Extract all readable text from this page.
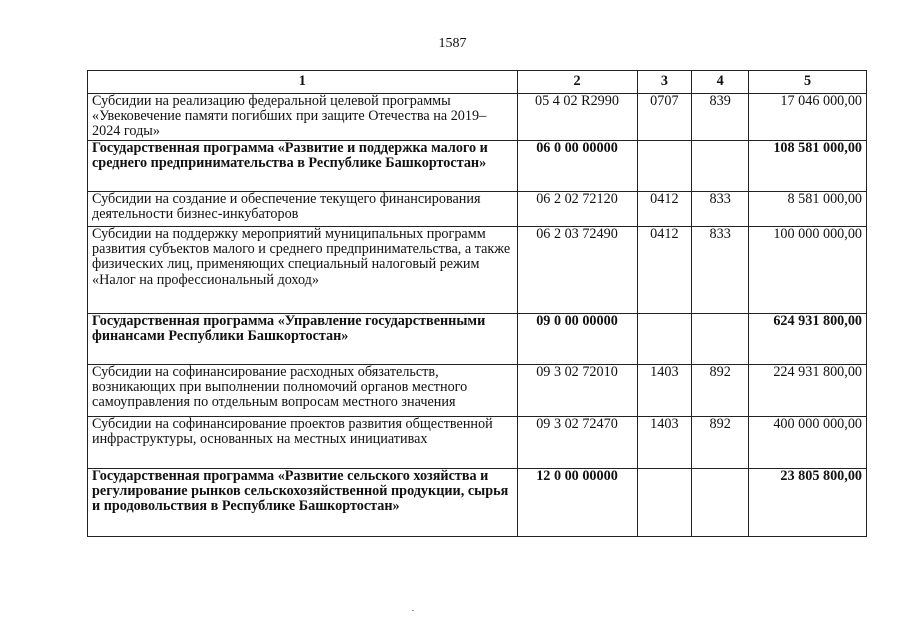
1587
1	2	3	4	5
Субсидии на реализацию федеральной целевой программы «Увековечение памяти погибших при защите Отечества на 2019–2024 годы»	05 4 02 R2990	0707	839	17 046 000,00
Государственная программа «Развитие и поддержка малого и среднего предпринимательства в Республике Башкортостан»	06 0 00 00000			108 581 000,00
Субсидии на создание и обеспечение текущего финансирования деятельности бизнес-инкубаторов	06 2 02 72120	0412	833	8 581 000,00
Субсидии на поддержку мероприятий муниципальных программ развития субъектов малого и среднего предпринимательства, а также физических лиц, применяющих специальный налоговый режим «Налог на профессиональный доход»	06 2 03 72490	0412	833	100 000 000,00
Государственная программа «Управление государственными финансами Республики Башкортостан»	09 0 00 00000			624 931 800,00
Субсидии на софинансирование расходных обязательств, возникающих при выполнении полномочий органов местного самоуправления по отдельным вопросам местного значения	09 3 02 72010	1403	892	224 931 800,00
Субсидии на софинансирование проектов развития общественной инфраструктуры, основанных на местных инициативах	09 3 02 72470	1403	892	400 000 000,00
Государственная программа «Развитие сельского хозяйства и регулирование рынков сельскохозяйственной продукции, сырья и продовольствия в Республике Башкортостан»	12 0 00 00000			23 805 800,00
